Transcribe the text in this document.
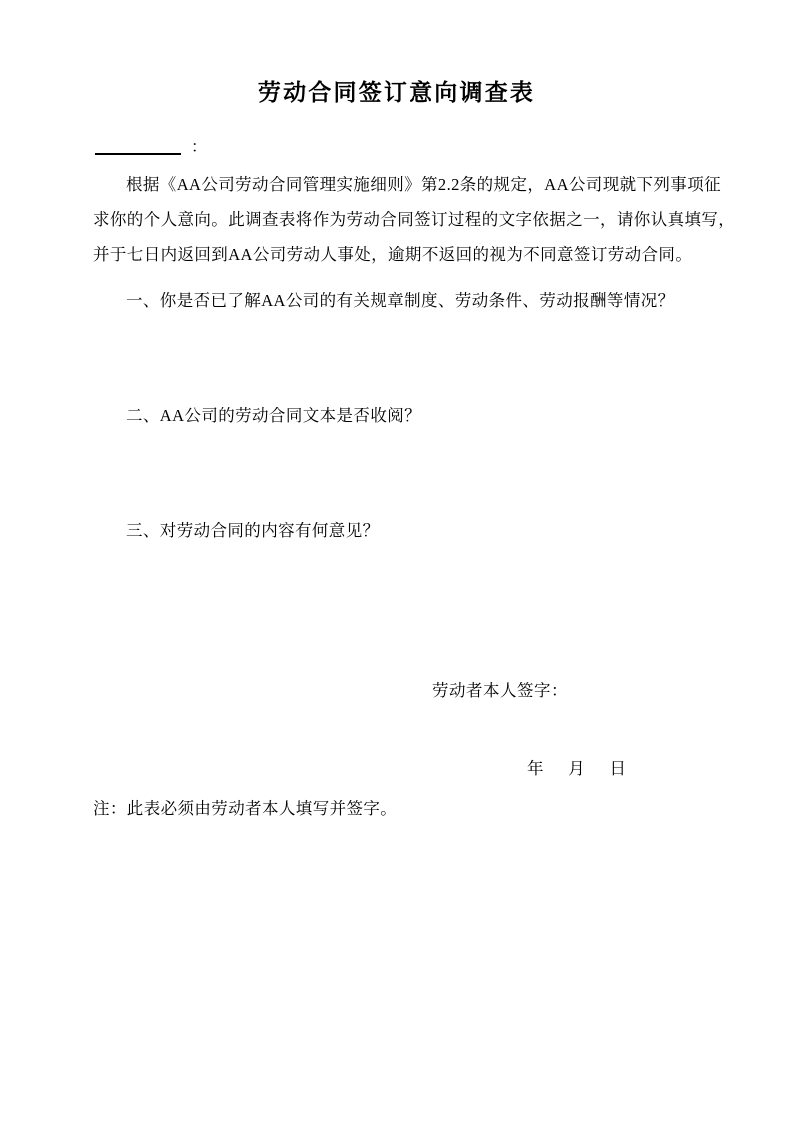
劳动合同签订意向调查表
：
根据《AA公司劳动合同管理实施细则》第2.2条的规定，AA公司现就下列事项征
求你的个人意向。此调查表将作为劳动合同签订过程的文字依据之一，请你认真填写，
并于七日内返回到AA公司劳动人事处，逾期不返回的视为不同意签订劳动合同。
一、你是否已了解AA公司的有关规章制度、劳动条件、劳动报酬等情况？
二、AA公司的劳动合同文本是否收阅？
三、对劳动合同的内容有何意见？
劳动者本人签字：
年      月      日
注：此表必须由劳动者本人填写并签字。
